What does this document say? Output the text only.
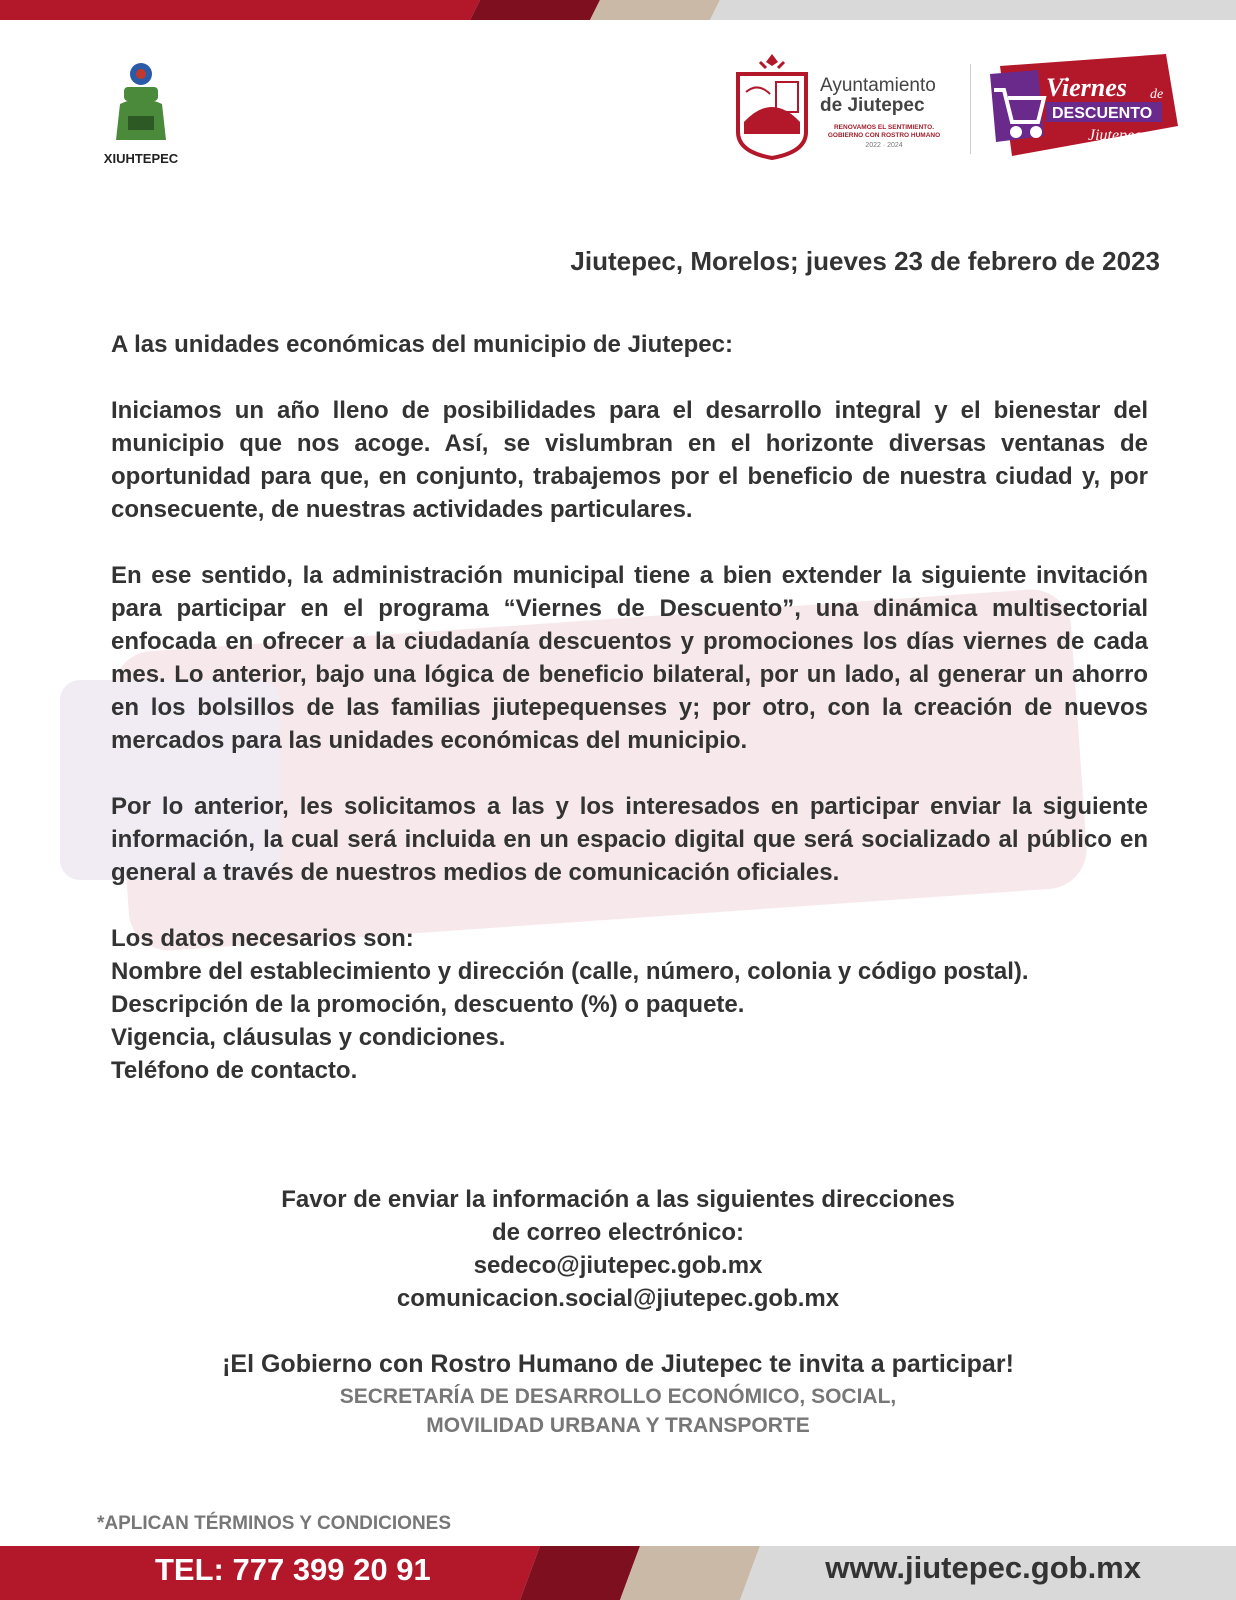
XIUHTEPEC
Ayuntamiento
de Jiutepec
RENOVAMOS EL SENTIMIENTO.
GOBIERNO CON ROSTRO HUMANO
2022 · 2024
Viernes de
DESCUENTO
Jiutepec
Jiutepec, Morelos; jueves 23 de febrero de 2023

A las unidades económicas del municipio de Jiutepec:

Iniciamos un año lleno de posibilidades para el desarrollo integral y el bienestar del municipio que nos acoge. Así, se vislumbran en el horizonte diversas ventanas de oportunidad para que, en conjunto, trabajemos por el beneficio de nuestra ciudad y, por consecuente, de nuestras actividades particulares.

En ese sentido, la administración municipal tiene a bien extender la siguiente invitación para participar en el programa “Viernes de Descuento”, una dinámica multisectorial enfocada en ofrecer a la ciudadanía descuentos y promociones los días viernes de cada mes. Lo anterior, bajo una lógica de beneficio bilateral, por un lado, al generar un ahorro en los bolsillos de las familias jiutepequenses y; por otro, con la creación de nuevos mercados para las unidades económicas del municipio.

Por lo anterior, les solicitamos a las y los interesados en participar enviar la siguiente información, la cual será incluida en un espacio digital que será socializado al público en general a través de nuestros medios de comunicación oficiales.

Los datos necesarios son:

Nombre del establecimiento y dirección (calle, número, colonia y código postal).

Descripción de la promoción, descuento (%) o paquete.

Vigencia, cláusulas y condiciones.

Teléfono de contacto.

Favor de enviar la información a las siguientes direcciones
de correo electrónico:
sedeco@jiutepec.gob.mx
comunicacion.social@jiutepec.gob.mx
¡El Gobierno con Rostro Humano de Jiutepec te invita a participar!
SECRETARÍA DE DESARROLLO ECONÓMICO, SOCIAL,
MOVILIDAD URBANA Y TRANSPORTE
*APLICAN TÉRMINOS Y CONDICIONES
TEL: 777 399 20 91	www.jiutepec.gob.mx
